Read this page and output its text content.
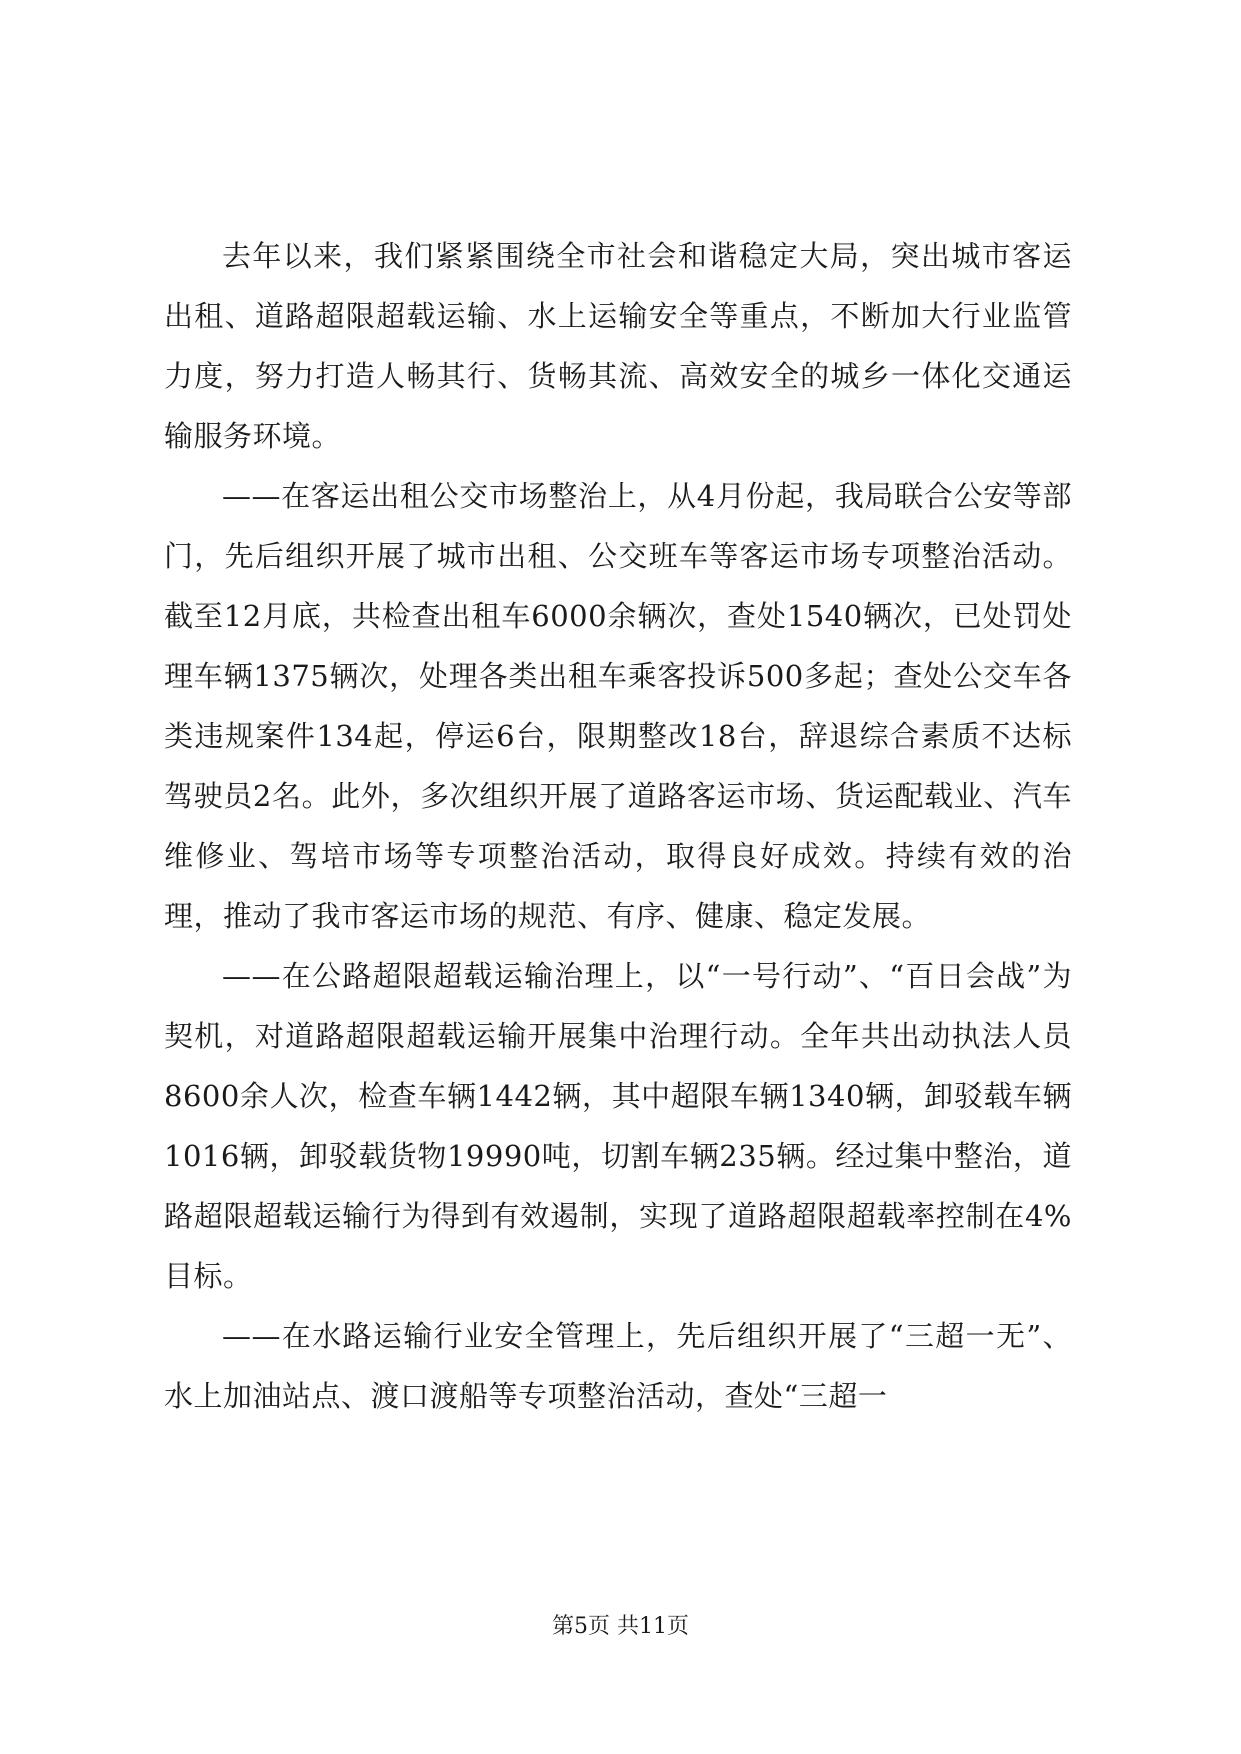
去年以来，我们紧紧围绕全市社会和谐稳定大局，突出城市客运出租、道路超限超载运输、水上运输安全等重点，不断加大行业监管力度，努力打造人畅其行、货畅其流、高效安全的城乡一体化交通运输服务环境。

——在客运出租公交市场整治上，从4月份起，我局联合公安等部门，先后组织开展了城市出租、公交班车等客运市场专项整治活动。截至12月底，共检查出租车6000余辆次，查处1540辆次，已处罚处理车辆1375辆次，处理各类出租车乘客投诉500多起；查处公交车各类违规案件134起，停运6台，限期整改18台，辞退综合素质不达标驾驶员2名。此外，多次组织开展了道路客运市场、货运配载业、汽车维修业、驾培市场等专项整治活动，取得良好成效。持续有效的治理，推动了我市客运市场的规范、有序、健康、稳定发展。

——在公路超限超载运输治理上，以“一号行动”、“百日会战”为契机，对道路超限超载运输开展集中治理行动。全年共出动执法人员8600余人次，检查车辆1442辆，其中超限车辆1340辆，卸驳载车辆1016辆，卸驳载货物19990吨，切割车辆235辆。经过集中整治，道路超限超载运输行为得到有效遏制，实现了道路超限超载率控制在4%目标。

——在水路运输行业安全管理上，先后组织开展了“三超一无”、水上加油站点、渡口渡船等专项整治活动，查处“三超一

第5页 共11页
